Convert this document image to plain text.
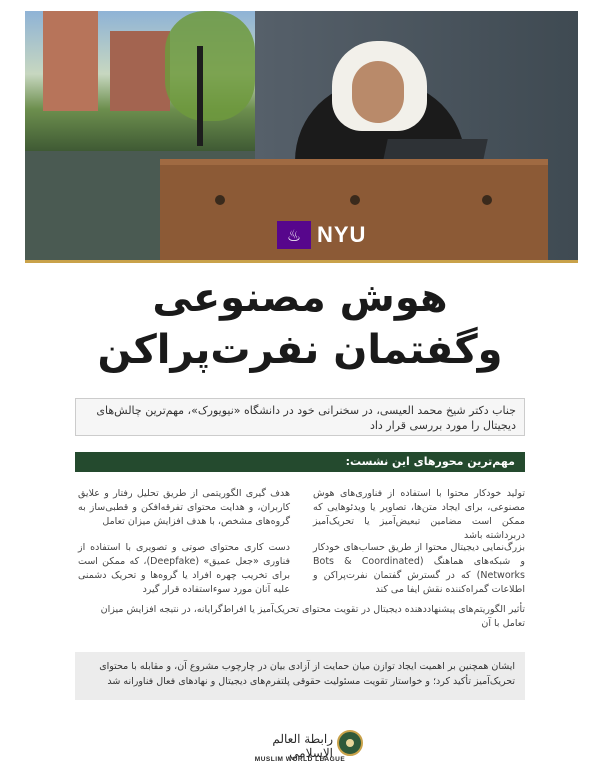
♨ NYU
هوش مصنوعی
وگفتمان نفرت‌پراکن
جناب دکتر شیخ محمد العیسی، در سخنرانی خود در دانشگاه «نیویورک»، مهم‌ترین چالش‌های دیجیتال را مورد بررسی قرار داد
مهم‌ترین محورهای این نشست:

تولید خودکار محتوا با استفاده از فناوری‌های هوش مصنوعی، برای ایجاد متن‌ها، تصاویر یا ویدئوهایی که ممکن است مضامین تبعیض‌آمیز یا تحریک‌آمیز دربرداشته باشد

هدف گیری الگوریتمی از طریق تحلیل رفتار و علایق کاربران، و هدایت محتوای تفرقه‌افکن و قطبی‌ساز به گروه‌های مشخص، با هدف افزایش میزان تعامل

بزرگ‌نمایی دیجیتال محتوا از طریق حساب‌های خودکار و شبکه‌های هماهنگ (Bots & Coordinated Networks) که در گسترش گفتمان نفرت‌پراکن و اطلاعات گمراه‌کننده نقش ایفا می کند

دست کاری محتوای صوتی و تصویری با استفاده از فناوری «جعل عمیق» (Deepfake)، که ممکن است برای تخریب چهره افراد یا گروه‌ها و تحریک دشمنی علیه آنان مورد سوء‌استفاده قرار گیرد

تأثیر الگوریتم‌های پیشنهاددهنده دیجیتال در تقویت محتوای تحریک‌آمیز یا افراط‌گرایانه، در نتیجه افزایش میزان تعامل با آن

ایشان همچنین بر اهمیت ایجاد توازن میان حمایت از آزادی بیان در چارچوب مشروع آن، و مقابله با محتوای تحریک‌آمیز تأکید کرد؛ و خواستار تقویت مسئولیت حقوقی پلتفرم‌های دیجیتال و نهادهای فعال فناورانه شد
رابطة العالم الإسلامي
MUSLIM WORLD LEAGUE
